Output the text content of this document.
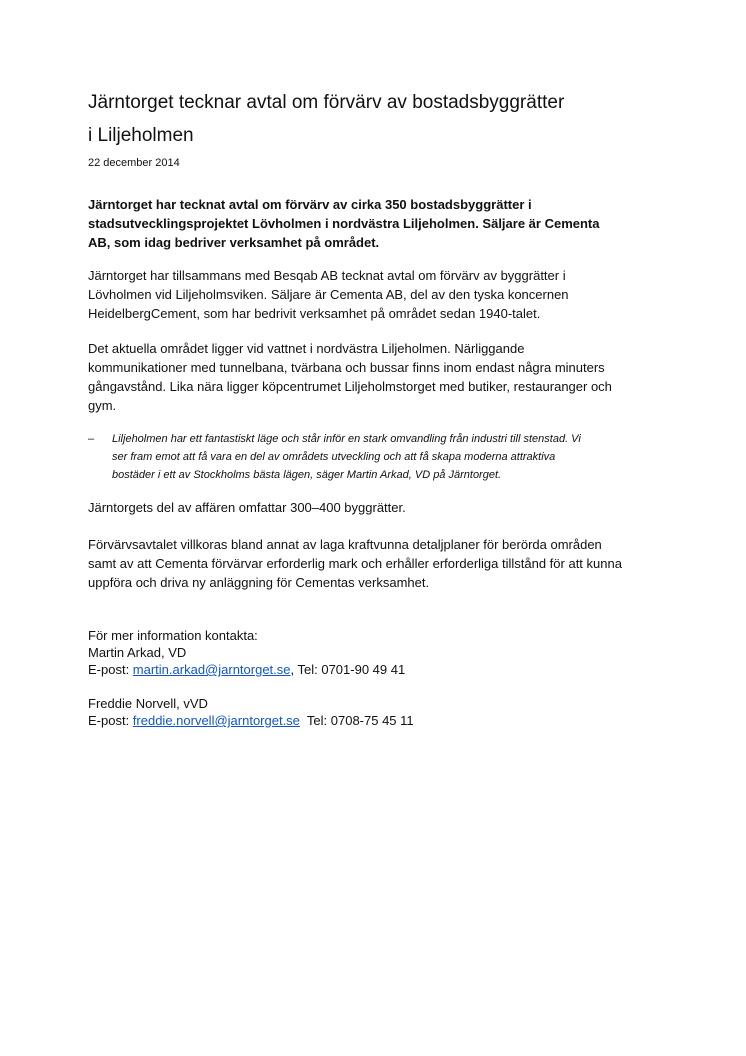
Järntorget tecknar avtal om förvärv av bostadsbyggrätter
i Liljeholmen
22 december 2014

Järntorget har tecknat avtal om förvärv av cirka 350 bostadsbyggrätter i
stadsutvecklingsprojektet Lövholmen i nordvästra Liljeholmen. Säljare är Cementa
AB, som idag bedriver verksamhet på området.

Järntorget har tillsammans med Besqab AB tecknat avtal om förvärv av byggrätter i
Lövholmen vid Liljeholmsviken. Säljare är Cementa AB, del av den tyska koncernen
HeidelbergCement, som har bedrivit verksamhet på området sedan 1940-talet.

Det aktuella området ligger vid vattnet i nordvästra Liljeholmen. Närliggande
kommunikationer med tunnelbana, tvärbana och bussar finns inom endast några minuters
gångavstånd. Lika nära ligger köpcentrumet Liljeholmstorget med butiker, restauranger och
gym.

– Liljeholmen har ett fantastiskt läge och står inför en stark omvandling från industri till stenstad. Vi
ser fram emot att få vara en del av områdets utveckling och att få skapa moderna attraktiva
bostäder i ett av Stockholms bästa lägen, säger Martin Arkad, VD på Järntorget.

Järntorgets del av affären omfattar 300–400 byggrätter.

Förvärvsavtalet villkoras bland annat av laga kraftvunna detaljplaner för berörda områden
samt av att Cementa förvärvar erforderlig mark och erhåller erforderliga tillstånd för att kunna
uppföra och driva ny anläggning för Cementas verksamhet.

För mer information kontakta:
Martin Arkad, VD
E-post: martin.arkad@jarntorget.se, Tel: 0701-90 49 41
Freddie Norvell, vVD
E-post: freddie.norvell@jarntorget.se  Tel: 0708-75 45 11
